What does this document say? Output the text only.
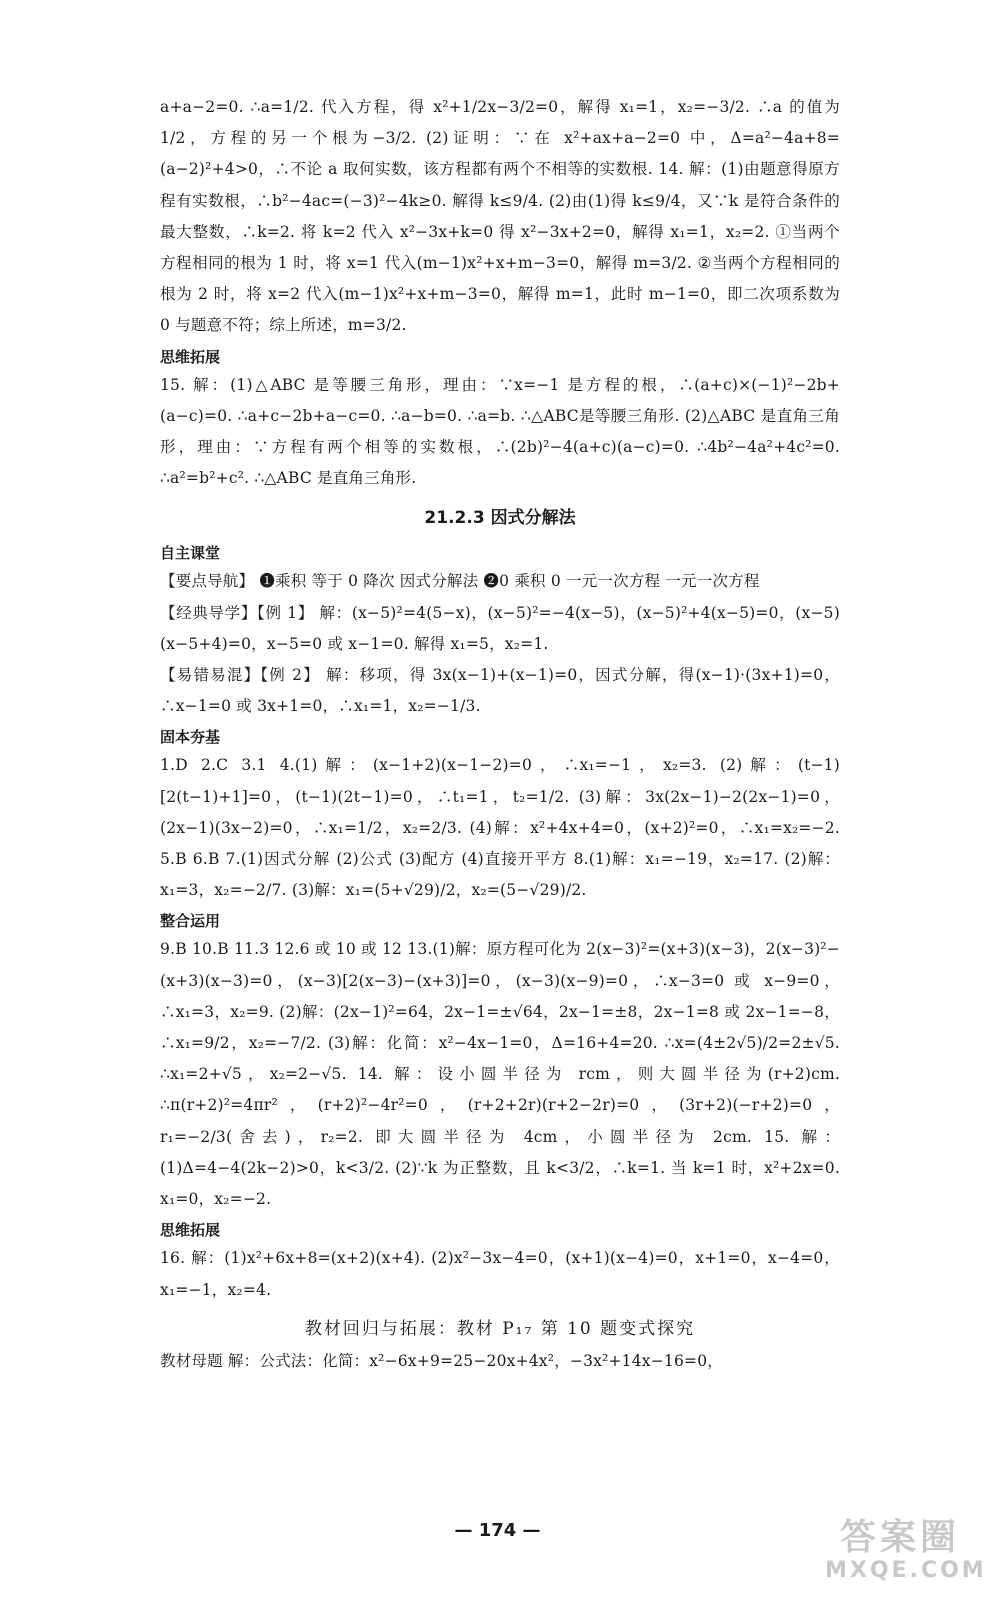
a+a−2=0. ∴a=1/2. 代入方程，得 x²+1/2x−3/2=0，解得 x₁=1，x₂=−3/2. ∴a 的值为1/2，方程的另一个根为−3/2. (2)证明：∵在 x²+ax+a−2=0 中，Δ=a²−4a+8=(a−2)²+4>0，∴不论 a 取何实数，该方程都有两个不相等的实数根. 14. 解：(1)由题意得原方程有实数根，∴b²−4ac=(−3)²−4k≥0. 解得 k≤9/4. (2)由(1)得 k≤9/4，又∵k 是符合条件的最大整数，∴k=2. 将 k=2 代入 x²−3x+k=0 得 x²−3x+2=0，解得 x₁=1，x₂=2. ①当两个方程相同的根为 1 时，将 x=1 代入(m−1)x²+x+m−3=0，解得 m=3/2. ②当两个方程相同的根为 2 时，将 x=2 代入(m−1)x²+x+m−3=0，解得 m=1，此时 m−1=0，即二次项系数为 0 与题意不符；综上所述，m=3/2.

思维拓展

15. 解：(1)△ABC 是等腰三角形，理由：∵x=−1 是方程的根，∴(a+c)×(−1)²−2b+(a−c)=0. ∴a+c−2b+a−c=0. ∴a−b=0. ∴a=b. ∴△ABC是等腰三角形. (2)△ABC 是直角三角形，理由：∵方程有两个相等的实数根，∴(2b)²−4(a+c)(a−c)=0. ∴4b²−4a²+4c²=0. ∴a²=b²+c². ∴△ABC 是直角三角形.

21.2.3 因式分解法

自主课堂

【要点导航】 ❶乘积 等于 0 降次 因式分解法 ❷0 乘积 0 一元一次方程 一元一次方程

【经典导学】【例 1】 解：(x−5)²=4(5−x)，(x−5)²=−4(x−5)，(x−5)²+4(x−5)=0，(x−5)(x−5+4)=0，x−5=0 或 x−1=0. 解得 x₁=5，x₂=1.

【易错易混】【例 2】 解：移项，得 3x(x−1)+(x−1)=0，因式分解，得(x−1)·(3x+1)=0，∴x−1=0 或 3x+1=0，∴x₁=1，x₂=−1/3.

固本夯基

1.D 2.C 3.1 4.(1)解：(x−1+2)(x−1−2)=0，∴x₁=−1，x₂=3. (2)解：(t−1)[2(t−1)+1]=0，(t−1)(2t−1)=0，∴t₁=1，t₂=1/2. (3)解：3x(2x−1)−2(2x−1)=0，(2x−1)(3x−2)=0，∴x₁=1/2，x₂=2/3. (4)解：x²+4x+4=0，(x+2)²=0，∴x₁=x₂=−2. 5.B 6.B 7.(1)因式分解 (2)公式 (3)配方 (4)直接开平方 8.(1)解：x₁=−19，x₂=17. (2)解：x₁=3，x₂=−2/7. (3)解：x₁=(5+√29)/2，x₂=(5−√29)/2.

整合运用

9.B 10.B 11.3 12.6 或 10 或 12 13.(1)解：原方程可化为 2(x−3)²=(x+3)(x−3)，2(x−3)²−(x+3)(x−3)=0，(x−3)[2(x−3)−(x+3)]=0，(x−3)(x−9)=0，∴x−3=0 或 x−9=0，∴x₁=3，x₂=9. (2)解：(2x−1)²=64，2x−1=±√64，2x−1=±8，2x−1=8 或 2x−1=−8，∴x₁=9/2，x₂=−7/2. (3)解：化简：x²−4x−1=0，Δ=16+4=20. ∴x=(4±2√5)/2=2±√5. ∴x₁=2+√5，x₂=2−√5. 14. 解：设小圆半径为 rcm，则大圆半径为(r+2)cm. ∴π(r+2)²=4πr²，(r+2)²−4r²=0，(r+2+2r)(r+2−2r)=0，(3r+2)(−r+2)=0，r₁=−2/3(舍去)，r₂=2. 即大圆半径为 4cm，小圆半径为 2cm. 15. 解：(1)Δ=4−4(2k−2)>0，k<3/2. (2)∵k 为正整数，且 k<3/2，∴k=1. 当 k=1 时，x²+2x=0. x₁=0，x₂=−2.

思维拓展

16. 解：(1)x²+6x+8=(x+2)(x+4). (2)x²−3x−4=0，(x+1)(x−4)=0，x+1=0，x−4=0，x₁=−1，x₂=4.

教材回归与拓展：教材 P₁₇ 第 10 题变式探究

教材母题 解：公式法：化简：x²−6x+9=25−20x+4x²，−3x²+14x−16=0，

— 174 —	答案圈
MXQE.COM
